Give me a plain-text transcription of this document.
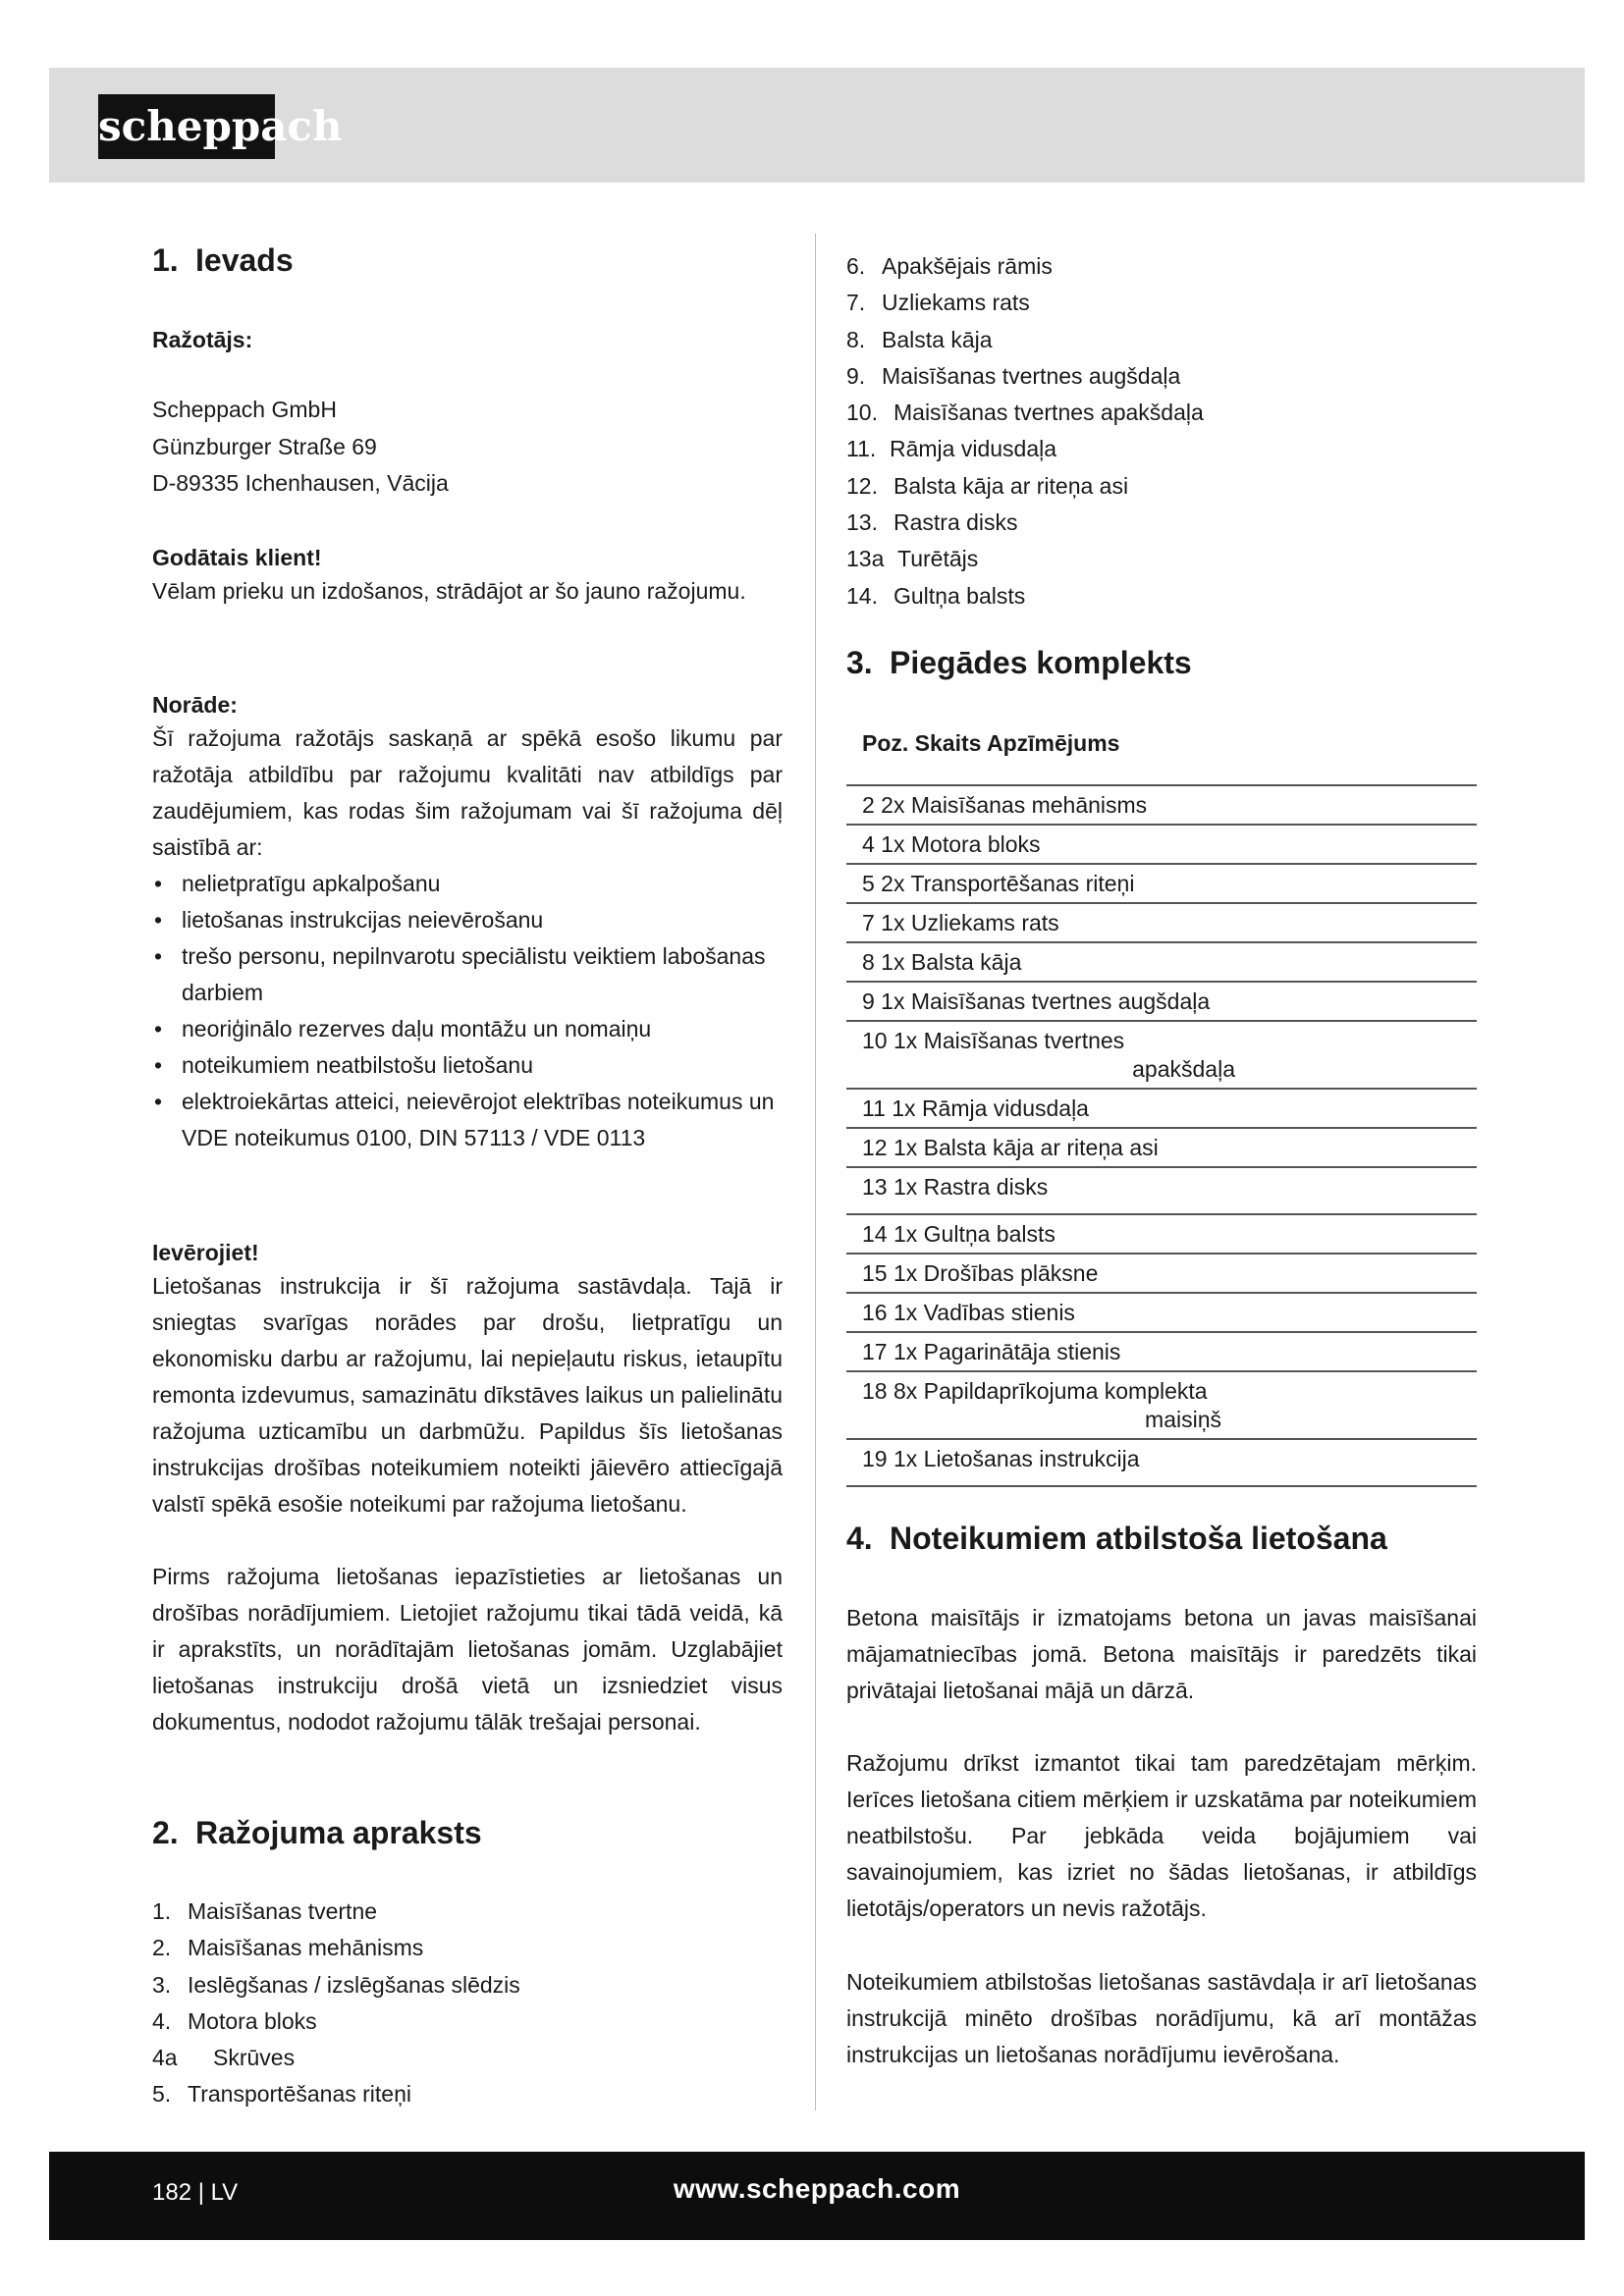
scheppach
1. Ievads
Ražotājs:
Scheppach GmbH
Günzburger Straße 69
D-89335 Ichenhausen, Vācija
Godātais klient!

Vēlam prieku un izdošanos, strādājot ar šo jauno ražojumu.

Norāde:

Šī ražojuma ražotājs saskaņā ar spēkā esošo likumu par ražotāja atbildību par ražojumu kvalitāti nav atbildīgs par zaudējumiem, kas rodas šim ražojumam vai šī ražojuma dēļ saistībā ar:

• nelietpratīgu apkalpošanu
• lietošanas instrukcijas neievērošanu
• trešo personu, nepilnvarotu speciālistu veiktiem labošanas darbiem
• neoriģinālo rezerves daļu montāžu un nomaiņu
• noteikumiem neatbilstošu lietošanu
• elektroiekārtas atteici, neievērojot elektrības noteikumus un VDE noteikumus 0100, DIN 57113 / VDE 0113
Ievērojiet!

Lietošanas instrukcija ir šī ražojuma sastāvdaļa. Tajā ir sniegtas svarīgas norādes par drošu, lietpratīgu un ekonomisku darbu ar ražojumu, lai nepieļautu riskus, ietaupītu remonta izdevumus, samazinātu dīkstāves laikus un palielinātu ražojuma uzticamību un darbmūžu. Papildus šīs lietošanas instrukcijas drošības noteikumiem noteikti jāievēro attiecīgajā valstī spēkā esošie noteikumi par ražojuma lietošanu.

Pirms ražojuma lietošanas iepazīstieties ar lietošanas un drošības norādījumiem. Lietojiet ražojumu tikai tādā veidā, kā ir aprakstīts, un norādītajām lietošanas jomām. Uzglabājiet lietošanas instrukciju drošā vietā un izsniedziet visus dokumentus, nododot ražojumu tālāk trešajai personai.

2. Ražojuma apraksts
1. Maisīšanas tvertne
2. Maisīšanas mehānisms
3. Ieslēgšanas / izslēgšanas slēdzis
4. Motora bloks
4a Skrūves
5. Transportēšanas riteņi
6. Apakšējais rāmis
7. Uzliekams rats
8. Balsta kāja
9. Maisīšanas tvertnes augšdaļa
10. Maisīšanas tvertnes apakšdaļa
11. Rāmja vidusdaļa
12. Balsta kāja ar riteņa asi
13. Rastra disks
13a Turētājs
14. Gultņa balsts
3. Piegādes komplekts
4. Noteikumiem atbilstoša lietošana

Betona maisītājs ir izmatojams betona un javas maisīšanai mājamatniecības jomā. Betona maisītājs ir paredzēts tikai privātajai lietošanai mājā un dārzā.

Ražojumu drīkst izmantot tikai tam paredzētajam mērķim. Ierīces lietošana citiem mērķiem ir uzskatāma par noteikumiem neatbilstošu. Par jebkāda veida bojājumiem vai savainojumiem, kas izriet no šādas lietošanas, ir atbildīgs lietotājs/operators un nevis ražotājs.

Noteikumiem atbilstošas lietošanas sastāvdaļa ir arī lietošanas instrukcijā minēto drošības norādījumu, kā arī montāžas instrukcijas un lietošanas norādījumu ievērošana.

Poz. Skaits Apzīmējums
2 2x Maisīšanas mehānisms
4 1x Motora bloks
5 2x Transportēšanas riteņi
7 1x Uzliekams rats
8 1x Balsta kāja
9 1x Maisīšanas tvertnes augšdaļa
10 1x Maisīšanas tvertnes
apakšdaļa
11 1x Rāmja vidusdaļa
12 1x Balsta kāja ar riteņa asi
13 1x Rastra disks
14 1x Gultņa balsts
15 1x Drošības plāksne
16 1x Vadības stienis
17 1x Pagarinātāja stienis
18 8x Papildaprīkojuma komplekta
maisiņš
19 1x Lietošanas instrukcija
182 | LV	www.scheppach.com
